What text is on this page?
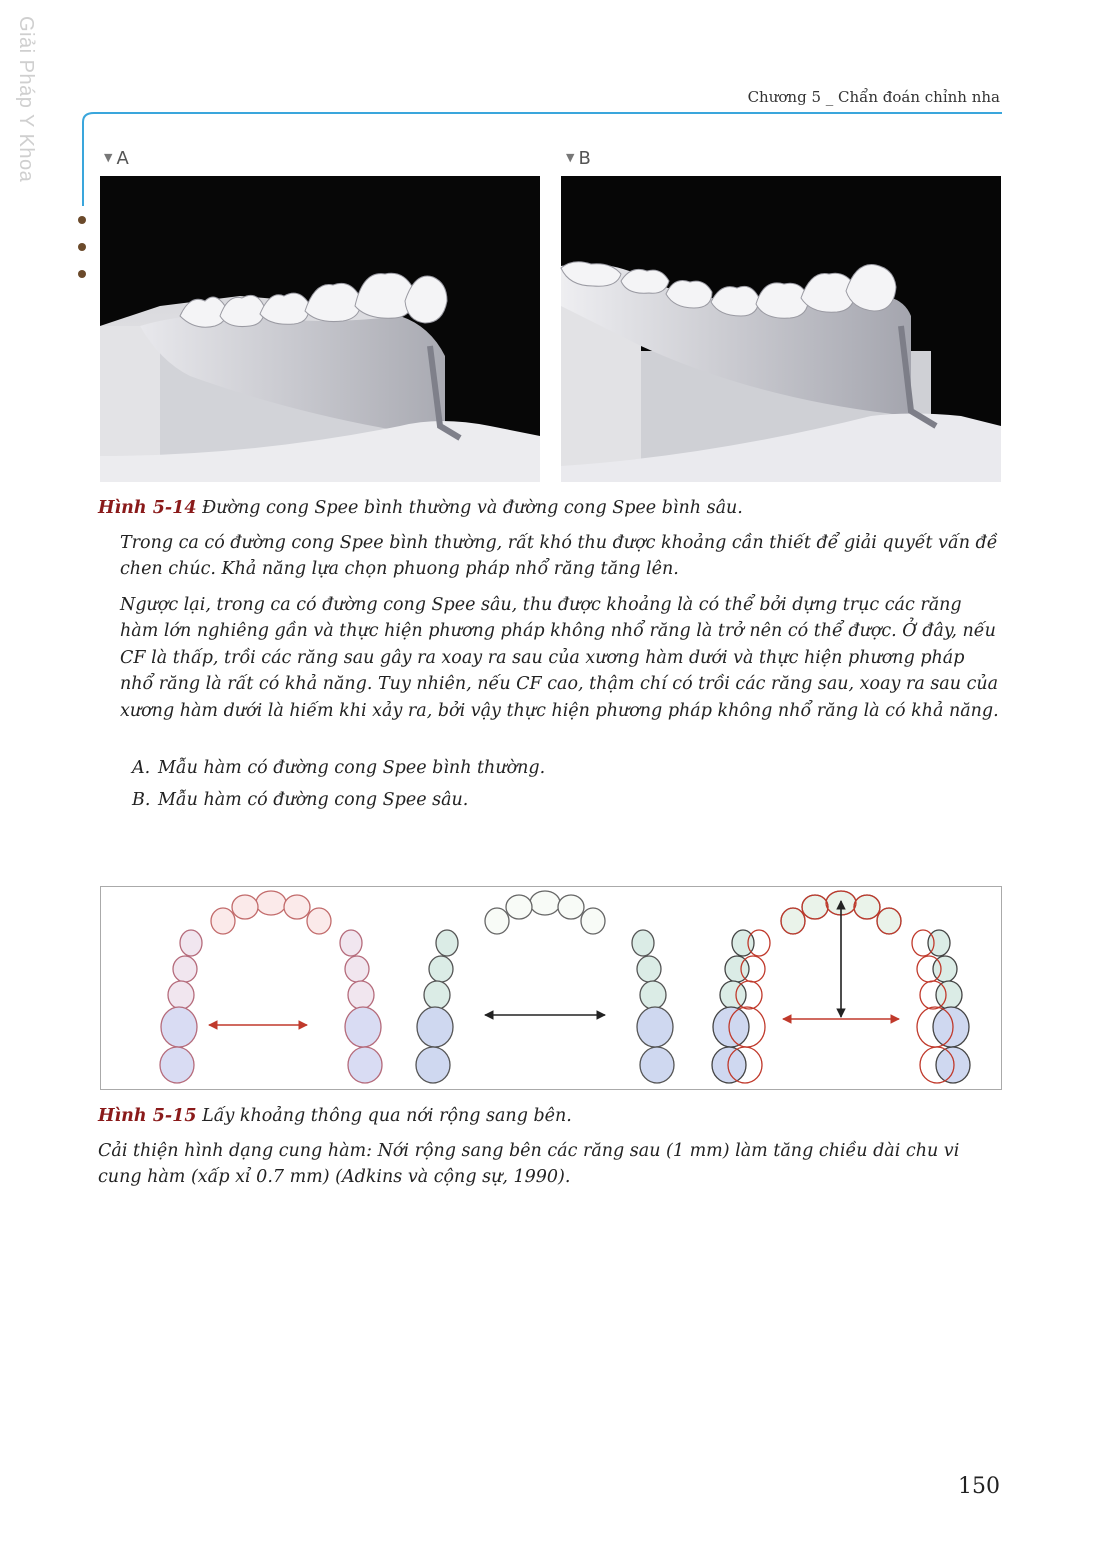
Giải Pháp Y Khoa	Chương 5 _ Chẩn đoán chỉnh nha
▼ A	▼ B
Hình 5-14 Đường cong Spee bình thường và đường cong Spee bình sâu.
Trong ca có đường cong Spee bình thường, rất khó thu được khoảng cần thiết để giải quyết vấn đề chen chúc. Khả năng lựa chọn phuong pháp nhổ răng tăng lên.
Ngược lại, trong ca có đường cong Spee sâu, thu được khoảng là có thể bởi dựng trục các răng hàm lớn nghiêng gần và thực hiện phương pháp không nhổ răng là trở nên có thể được. Ở đây, nếu CF là thấp, trồi các răng sau gây ra xoay ra sau của xương hàm dưới và thực hiện phương pháp nhổ răng là rất có khả năng. Tuy nhiên, nếu CF cao, thậm chí có trồi các răng sau, xoay ra sau của xương hàm dưới là hiếm khi xảy ra, bởi vậy thực hiện phương pháp không nhổ răng là có khả năng.
A. Mẫu hàm có đường cong Spee bình thường.
B. Mẫu hàm có đường cong Spee sâu.
Hình 5-15 Lấy khoảng thông qua nới rộng sang bên.
Cải thiện hình dạng cung hàm: Nới rộng sang bên các răng sau (1 mm) làm tăng chiều dài chu vi cung hàm (xấp xỉ 0.7 mm) (Adkins và cộng sự, 1990).
150
